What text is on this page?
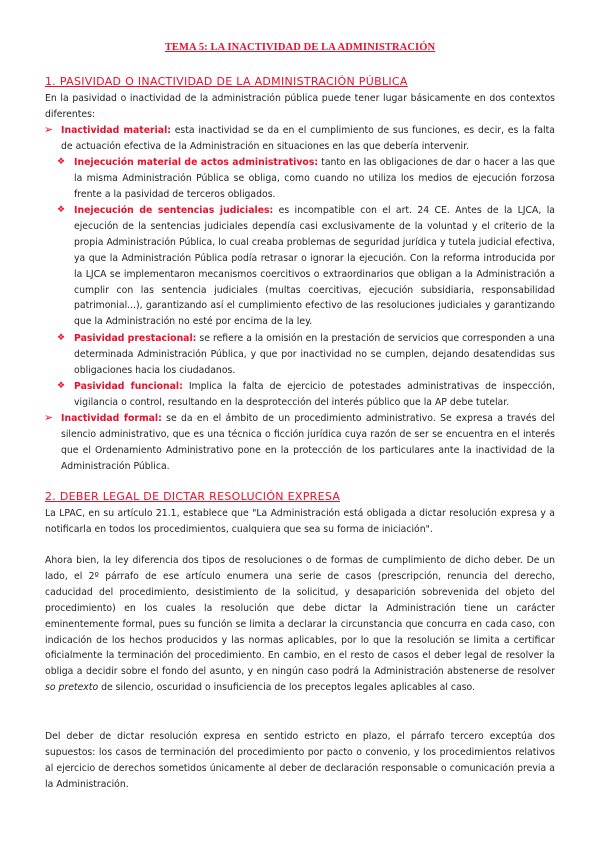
TEMA 5: LA INACTIVIDAD DE LA ADMINISTRACIÓN
1. PASIVIDAD O INACTIVIDAD DE LA ADMINISTRACIÓN PÚBLICA
En la pasividad o inactividad de la administración pública puede tener lugar básicamente en dos contextos diferentes:
➢ Inactividad material: esta inactividad se da en el cumplimiento de sus funciones, es decir, es la falta de actuación efectiva de la Administración en situaciones en las que debería intervenir.
❖ Inejecución material de actos administrativos: tanto en las obligaciones de dar o hacer a las que la misma Administración Pública se obliga, como cuando no utiliza los medios de ejecución forzosa frente a la pasividad de terceros obligados.
❖ Inejecución de sentencias judiciales: es incompatible con el art. 24 CE. Antes de la LJCA, la ejecución de la sentencias judiciales dependía casi exclusivamente de la voluntad y el criterio de la propia Administración Pública, lo cual creaba problemas de seguridad jurídica y tutela judicial efectiva, ya que la Administración Pública podía retrasar o ignorar la ejecución. Con la reforma introducida por la LJCA se implementaron mecanismos coercitivos o extraordinarios que obligan a la Administración a cumplir con las sentencia judiciales (multas coercitivas, ejecución subsidiaria, responsabilidad patrimonial...), garantizando así el cumplimiento efectivo de las resoluciones judiciales y garantizando que la Administración no esté por encima de la ley.
❖ Pasividad prestacional: se refiere a la omisión en la prestación de servicios que corresponden a una determinada Administración Pública, y que por inactividad no se cumplen, dejando desatendidas sus obligaciones hacia los ciudadanos.
❖ Pasividad funcional: Implica la falta de ejercicio de potestades administrativas de inspección, vigilancia o control, resultando en la desprotección del interés público que la AP debe tutelar.
➢ Inactividad formal: se da en el ámbito de un procedimiento administrativo. Se expresa a través del silencio administrativo, que es una técnica o ficción jurídica cuya razón de ser se encuentra en el interés que el Ordenamiento Administrativo pone en la protección de los particulares ante la inactividad de la Administración Pública.
2. DEBER LEGAL DE DICTAR RESOLUCIÓN EXPRESA
La LPAC, en su artículo 21.1, establece que "La Administración está obligada a dictar resolución expresa y a notificarla en todos los procedimientos, cualquiera que sea su forma de iniciación".
Ahora bien, la ley diferencia dos tipos de resoluciones o de formas de cumplimiento de dicho deber. De un lado, el 2º párrafo de ese artículo enumera una serie de casos (prescripción, renuncia del derecho, caducidad del procedimiento, desistimiento de la solicitud, y desaparición sobrevenida del objeto del procedimiento) en los cuales la resolución que debe dictar la Administración tiene un carácter eminentemente formal, pues su función se limita a declarar la circunstancia que concurra en cada caso, con indicación de los hechos producidos y las normas aplicables, por lo que la resolución se limita a certificar oficialmente la terminación del procedimiento. En cambio, en el resto de casos el deber legal de resolver la obliga a decidir sobre el fondo del asunto, y en ningún caso podrá la Administración abstenerse de resolver so pretexto de silencio, oscuridad o insuficiencia de los preceptos legales aplicables al caso.
Del deber de dictar resolución expresa en sentido estricto en plazo, el párrafo tercero exceptúa dos supuestos: los casos de terminación del procedimiento por pacto o convenio, y los procedimientos relativos al ejercicio de derechos sometidos únicamente al deber de declaración responsable o comunicación previa a la Administración.
